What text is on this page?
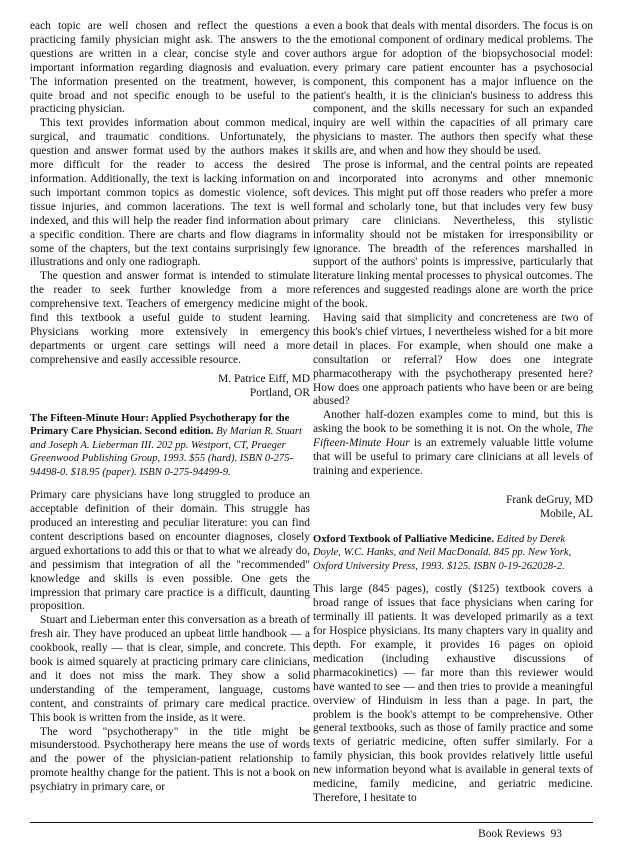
each topic are well chosen and reflect the questions a practicing family physician might ask. The answers to the questions are written in a clear, concise style and cover important information regarding diagnosis and evaluation. The information presented on the treatment, however, is quite broad and not specific enough to be useful to the practicing physician.

This text provides information about common medical, surgical, and traumatic conditions. Unfortunately, the question and answer format used by the authors makes it more difficult for the reader to access the desired information. Additionally, the text is lacking information on such important common topics as domestic violence, soft tissue injuries, and common lacerations. The text is well indexed, and this will help the reader find information about a specific condition. There are charts and flow diagrams in some of the chapters, but the text contains surprisingly few illustrations and only one radiograph.

The question and answer format is intended to stimulate the reader to seek further knowledge from a more comprehensive text. Teachers of emergency medicine might find this textbook a useful guide to student learning. Physicians working more extensively in emergency departments or urgent care settings will need a more comprehensive and easily accessible resource.

M. Patrice Eiff, MD
Portland, OR
The Fifteen-Minute Hour: Applied Psychotherapy for the Primary Care Physician. Second edition. By Marian R. Stuart and Joseph A. Lieberman III. 202 pp. Westport, CT, Praeger Greenwood Publishing Group, 1993. $55 (hard). ISBN 0-275-94498-0. $18.95 (paper). ISBN 0-275-94499-9.

Primary care physicians have long struggled to produce an acceptable definition of their domain. This struggle has produced an interesting and peculiar literature: you can find content descriptions based on encounter diagnoses, closely argued exhortations to add this or that to what we already do, and pessimism that integration of all the "recommended" knowledge and skills is even possible. One gets the impression that primary care practice is a difficult, daunting proposition.

Stuart and Lieberman enter this conversation as a breath of fresh air. They have produced an upbeat little handbook — a cookbook, really — that is clear, simple, and concrete. This book is aimed squarely at practicing primary care clinicians, and it does not miss the mark. They show a solid understanding of the temperament, language, customs content, and constraints of primary care medical practice. This book is written from the inside, as it were.

The word "psychotherapy" in the title might be misunderstood. Psychotherapy here means the use of words and the power of the physician-patient relationship to promote healthy change for the patient. This is not a book on psychiatry in primary care, or

even a book that deals with mental disorders. The focus is on the emotional component of ordinary medical problems. The authors argue for adoption of the biopsychosocial model: every primary care patient encounter has a psychosocial component, this component has a major influence on the patient's health, it is the clinician's business to address this component, and the skills necessary for such an expanded inquiry are well within the capacities of all primary care physicians to master. The authors then specify what these skills are, and when and how they should be used.

The prose is informal, and the central points are repeated and incorporated into acronyms and other mnemonic devices. This might put off those readers who prefer a more formal and scholarly tone, but that includes very few busy primary care clinicians. Nevertheless, this stylistic informality should not be mistaken for irresponsibility or ignorance. The breadth of the references marshalled in support of the authors' points is impressive, particularly that literature linking mental processes to physical outcomes. The references and suggested readings alone are worth the price of the book.

Having said that simplicity and concreteness are two of this book's chief virtues, I nevertheless wished for a bit more detail in places. For example, when should one make a consultation or referral? How does one integrate pharmacotherapy with the psychotherapy presented here? How does one approach patients who have been or are being abused?

Another half-dozen examples come to mind, but this is asking the book to be something it is not. On the whole, The Fifteen-Minute Hour is an extremely valuable little volume that will be useful to primary care clinicians at all levels of training and experience.

Frank deGruy, MD
Mobile, AL
Oxford Textbook of Palliative Medicine. Edited by Derek Doyle, W.C. Hanks, and Neil MacDonald. 845 pp. New York, Oxford University Press, 1993. $125. ISBN 0-19-262028-2.

This large (845 pages), costly ($125) textbook covers a broad range of issues that face physicians when caring for terminally ill patients. It was developed primarily as a text for Hospice physicians. Its many chapters vary in quality and depth. For example, it provides 16 pages on opioid medication (including exhaustive discussions of pharmacokinetics) — far more than this reviewer would have wanted to see — and then tries to provide a meaningful overview of Hinduism in less than a page. In part, the problem is the book's attempt to be comprehensive. Other general textbooks, such as those of family practice and some texts of geriatric medicine, often suffer similarly. For a family physician, this book provides relatively little useful new information beyond what is available in general texts of medicine, family medicine, and geriatric medicine. Therefore, I hesitate to

Book Reviews 93
